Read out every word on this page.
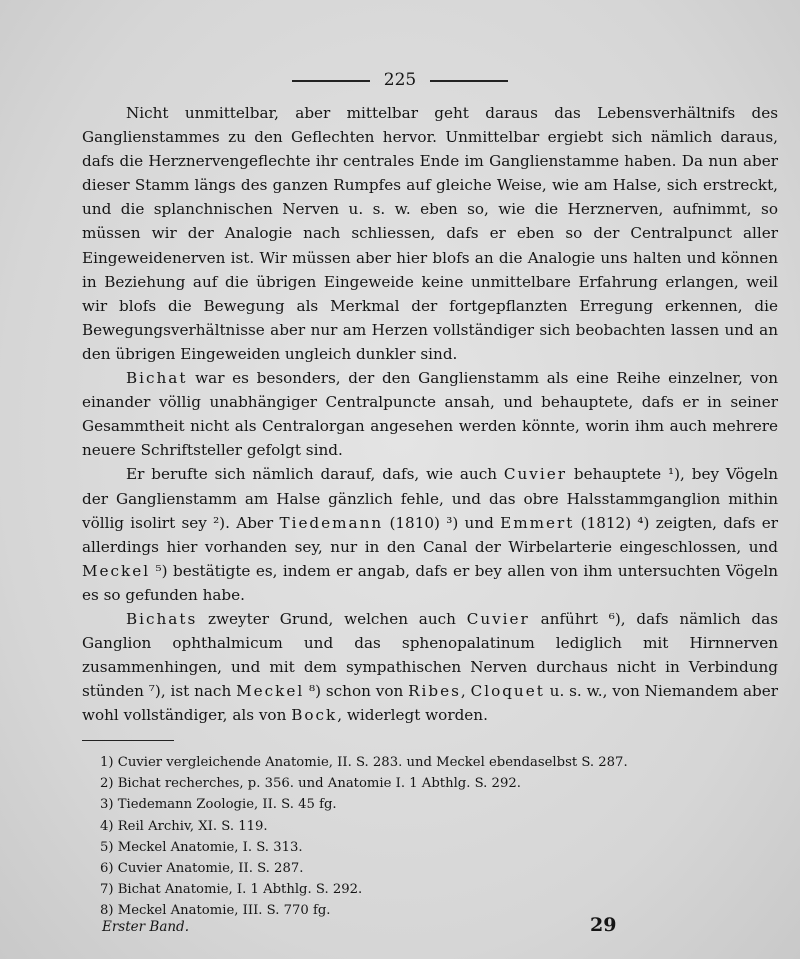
225

Nicht unmittelbar, aber mittelbar geht daraus das Lebensverhältnifs des Ganglienstammes zu den Geflechten hervor. Unmittelbar ergiebt sich nämlich daraus, dafs die Herznervengeflechte ihr centrales Ende im Ganglienstamme haben. Da nun aber dieser Stamm längs des ganzen Rumpfes auf gleiche Weise, wie am Halse, sich erstreckt, und die splanchnischen Nerven u. s. w. eben so, wie die Herznerven, aufnimmt, so müssen wir der Analogie nach schliessen, dafs er eben so der Centralpunct aller Eingeweidenerven ist. Wir müssen aber hier blofs an die Analogie uns halten und können in Beziehung auf die übrigen Eingeweide keine unmittelbare Erfahrung erlangen, weil wir blofs die Bewegung als Merkmal der fortgepflanzten Erregung erkennen, die Bewegungsverhältnisse aber nur am Herzen vollständiger sich beobachten lassen und an den übrigen Eingeweiden ungleich dunkler sind.

Bichat war es besonders, der den Ganglienstamm als eine Reihe einzelner, von einander völlig unabhängiger Centralpuncte ansah, und behauptete, dafs er in seiner Gesammtheit nicht als Centralorgan angesehen werden könnte, worin ihm auch mehrere neuere Schriftsteller gefolgt sind.

Er berufte sich nämlich darauf, dafs, wie auch Cuvier behauptete ¹), bey Vögeln der Ganglienstamm am Halse gänzlich fehle, und das obre Halsstammganglion mithin völlig isolirt sey ²). Aber Tiedemann (1810) ³) und Emmert (1812) ⁴) zeigten, dafs er allerdings hier vorhanden sey, nur in den Canal der Wirbelarterie eingeschlossen, und Meckel ⁵) bestätigte es, indem er angab, dafs er bey allen von ihm untersuchten Vögeln es so gefunden habe.

Bichats zweyter Grund, welchen auch Cuvier anführt ⁶), dafs nämlich das Ganglion ophthalmicum und das sphenopalatinum lediglich mit Hirnnerven zusammenhingen, und mit dem sympathischen Nerven durchaus nicht in Verbindung stünden ⁷), ist nach Meckel ⁸) schon von Ribes, Cloquet u. s. w., von Niemandem aber wohl vollständiger, als von Bock, widerlegt worden.

1) Cuvier vergleichende Anatomie, II. S. 283. und Meckel ebendaselbst S. 287.
2) Bichat recherches, p. 356. und Anatomie I. 1 Abthlg. S. 292.
3) Tiedemann Zoologie, II. S. 45 fg.
4) Reil Archiv, XI. S. 119.
5) Meckel Anatomie, I. S. 313.
6) Cuvier Anatomie, II. S. 287.
7) Bichat Anatomie, I. 1 Abthlg. S. 292.
8) Meckel Anatomie, III. S. 770 fg.
Erster Band.	29
